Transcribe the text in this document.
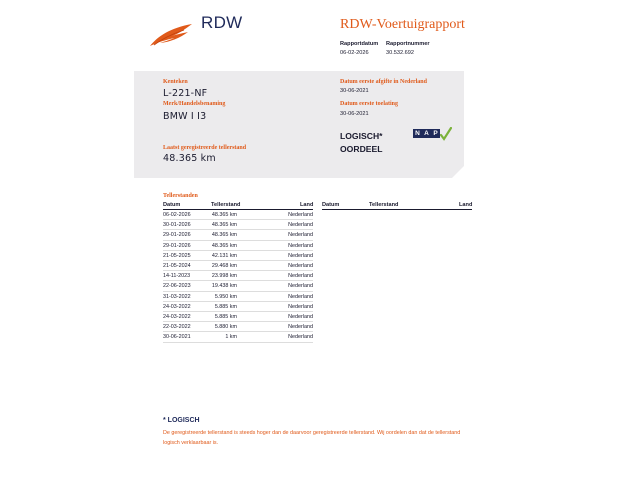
RDW	RDW-Voertuigrapport
Rapportdatum Rapportnummer
06-02-2026	30.532.692
Kenteken
L-221-NF
Merk/Handelsbenaming
BMW I I3
Laatst geregistreerde tellerstand
48.365 km
Datum eerste afgifte in Nederland
30-06-2021
Datum eerste toelating
30-06-2021
LOGISCH*
OORDEEL
N A P
Tellerstanden
Datum	Tellerstand	Land Datum	Tellerstand	Land
06-02-2026	48.365 km	Nederland
30-01-2026	48.365 km	Nederland
29-01-2026	48.365 km	Nederland
29-01-2026	48.365 km	Nederland
21-05-2025	42.131 km	Nederland
21-05-2024	29.468 km	Nederland
14-11-2023	23.998 km	Nederland
22-06-2023	19.438 km	Nederland
31-03-2022	5.950 km	Nederland
24-03-2022	5.885 km	Nederland
24-03-2022	5.885 km	Nederland
22-03-2022	5.880 km	Nederland
30-06-2021	1 km	Nederland
* LOGISCH
De geregistreerde tellerstand is steeds hoger dan de daarvoor geregistreerde tellerstand. Wij oordelen dan dat de tellerstand logisch verklaarbaar is.
